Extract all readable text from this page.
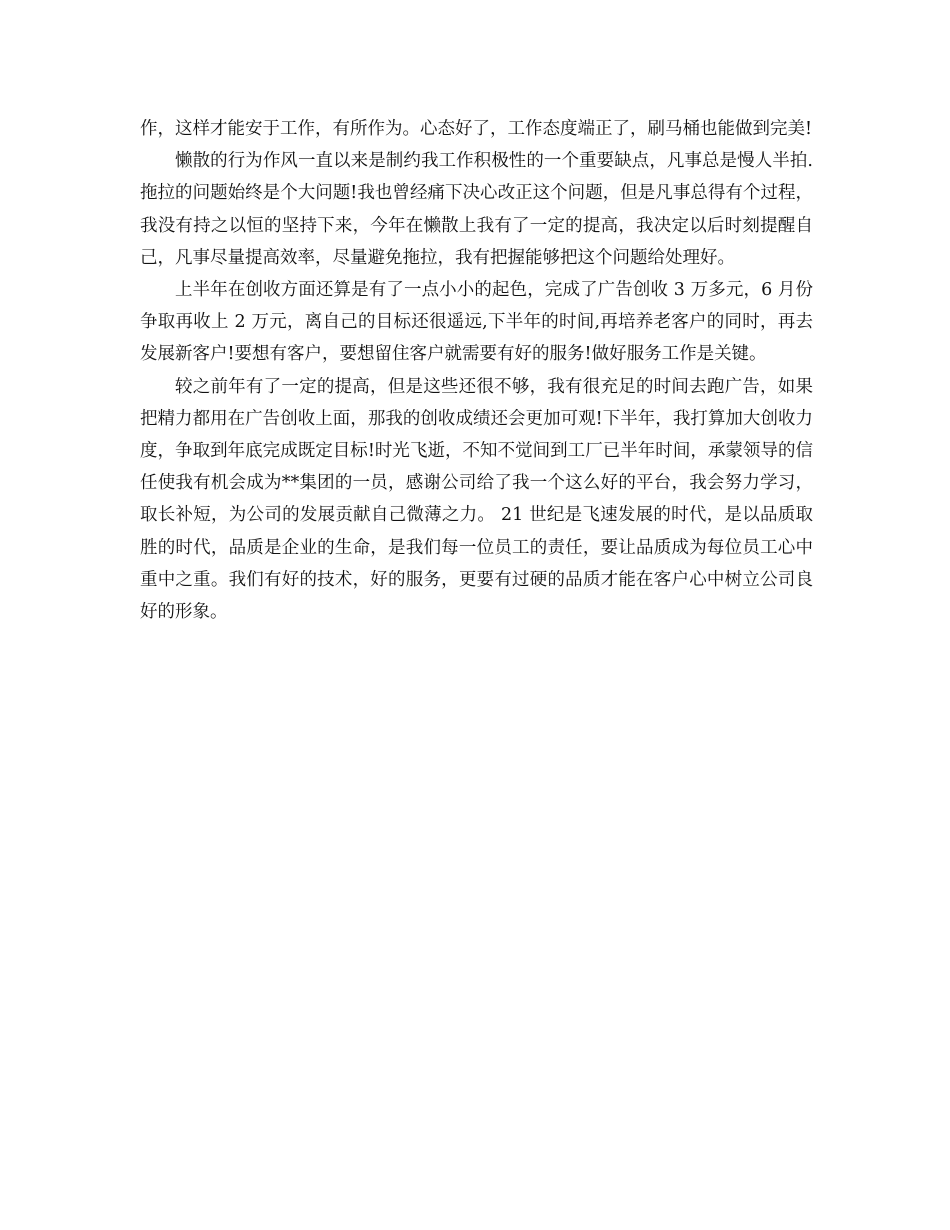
作，这样才能安于工作，有所作为。心态好了，工作态度端正了，刷马桶也能做到完美!

懒散的行为作风一直以来是制约我工作积极性的一个重要缺点，凡事总是慢人半拍.拖拉的问题始终是个大问题!我也曾经痛下决心改正这个问题，但是凡事总得有个过程，我没有持之以恒的坚持下来，今年在懒散上我有了一定的提高，我决定以后时刻提醒自己，凡事尽量提高效率，尽量避免拖拉，我有把握能够把这个问题给处理好。

上半年在创收方面还算是有了一点小小的起色，完成了广告创收 3 万多元，6 月份争取再收上 2 万元，离自己的目标还很遥远,下半年的时间,再培养老客户的同时，再去发展新客户!要想有客户，要想留住客户就需要有好的服务!做好服务工作是关键。

较之前年有了一定的提高，但是这些还很不够，我有很充足的时间去跑广告，如果把精力都用在广告创收上面，那我的创收成绩还会更加可观!下半年，我打算加大创收力度，争取到年底完成既定目标!时光飞逝，不知不觉间到工厂已半年时间，承蒙领导的信任使我有机会成为**集团的一员，感谢公司给了我一个这么好的平台，我会努力学习，取长补短，为公司的发展贡献自己微薄之力。 21 世纪是飞速发展的时代，是以品质取胜的时代，品质是企业的生命，是我们每一位员工的责任，要让品质成为每位员工心中重中之重。我们有好的技术，好的服务，更要有过硬的品质才能在客户心中树立公司良好的形象。
